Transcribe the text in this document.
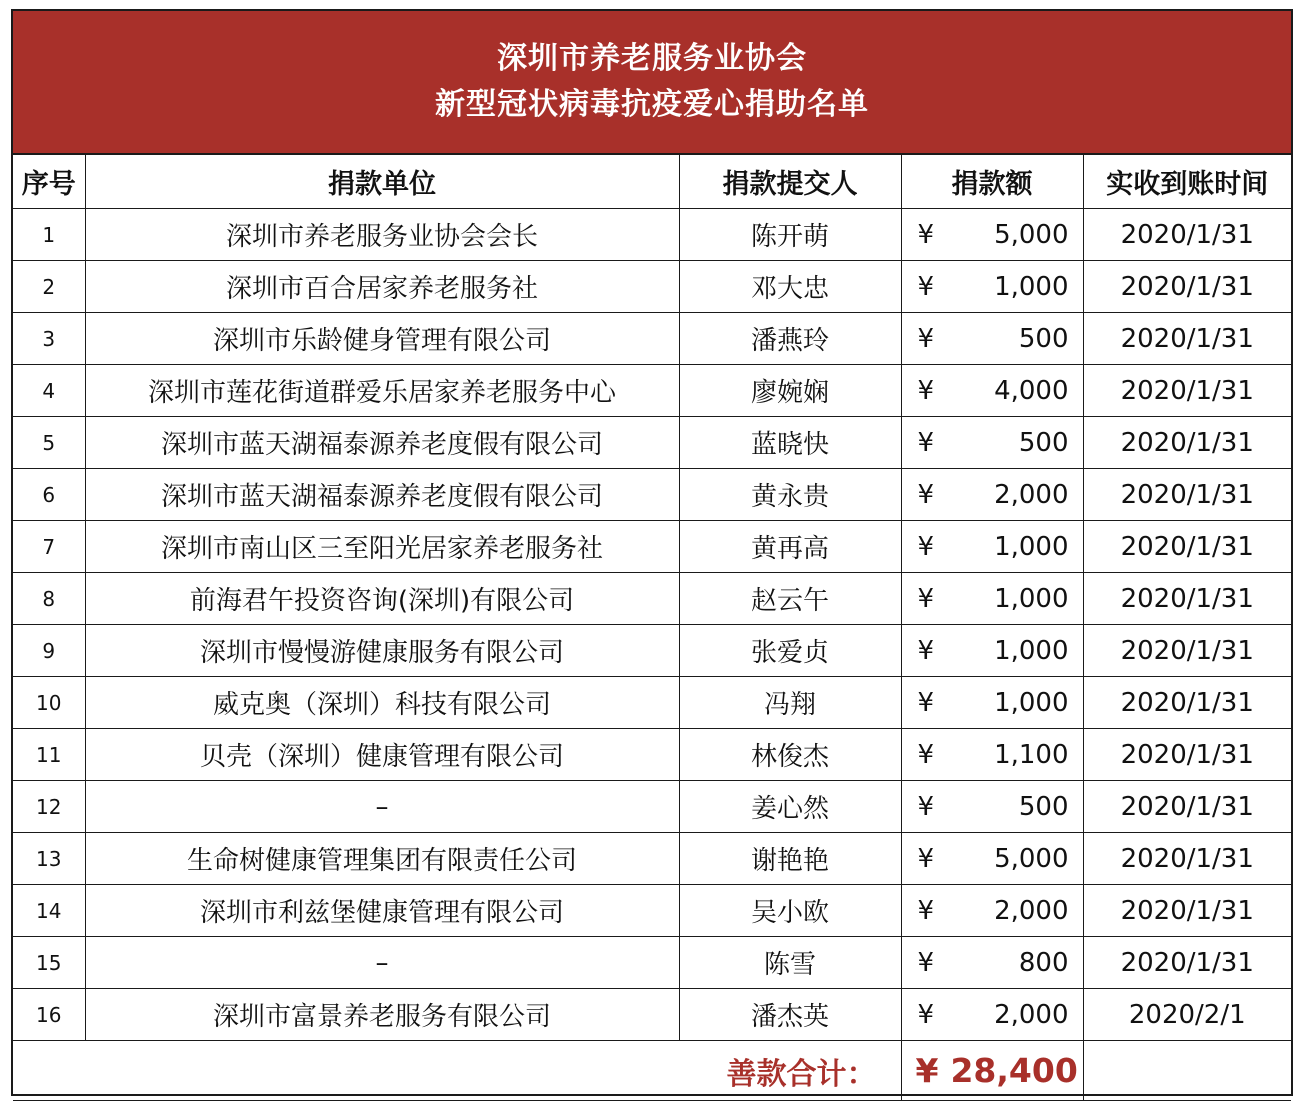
深圳市养老服务业协会
新型冠状病毒抗疫爱心捐助名单
序号	捐款单位	捐款提交人	捐款额	实收到账时间
1	深圳市养老服务业协会会长	陈开萌	¥ 5,000	2020/1/31
2	深圳市百合居家养老服务社	邓大忠	¥ 1,000	2020/1/31
3	深圳市乐龄健身管理有限公司	潘燕玲	¥ 500	2020/1/31
4	深圳市莲花街道群爱乐居家养老服务中心	廖婉娴	¥ 4,000	2020/1/31
5	深圳市蓝天湖福泰源养老度假有限公司	蓝晓快	¥ 500	2020/1/31
6	深圳市蓝天湖福泰源养老度假有限公司	黄永贵	¥ 2,000	2020/1/31
7	深圳市南山区三至阳光居家养老服务社	黄再高	¥ 1,000	2020/1/31
8	前海君午投资咨询(深圳)有限公司	赵云午	¥ 1,000	2020/1/31
9	深圳市慢慢游健康服务有限公司	张爱贞	¥ 1,000	2020/1/31
10	威克奥（深圳）科技有限公司	冯翔	¥ 1,000	2020/1/31
11	贝壳（深圳）健康管理有限公司	林俊杰	¥ 1,100	2020/1/31
12	–	姜心然	¥ 500	2020/1/31
13	生命树健康管理集团有限责任公司	谢艳艳	¥ 5,000	2020/1/31
14	深圳市利兹堡健康管理有限公司	吴小欧	¥ 2,000	2020/1/31
15	–	陈雪	¥ 800	2020/1/31
16	深圳市富景养老服务有限公司	潘杰英	¥ 2,000	2020/2/1
善款合计：			¥ 28,400	
